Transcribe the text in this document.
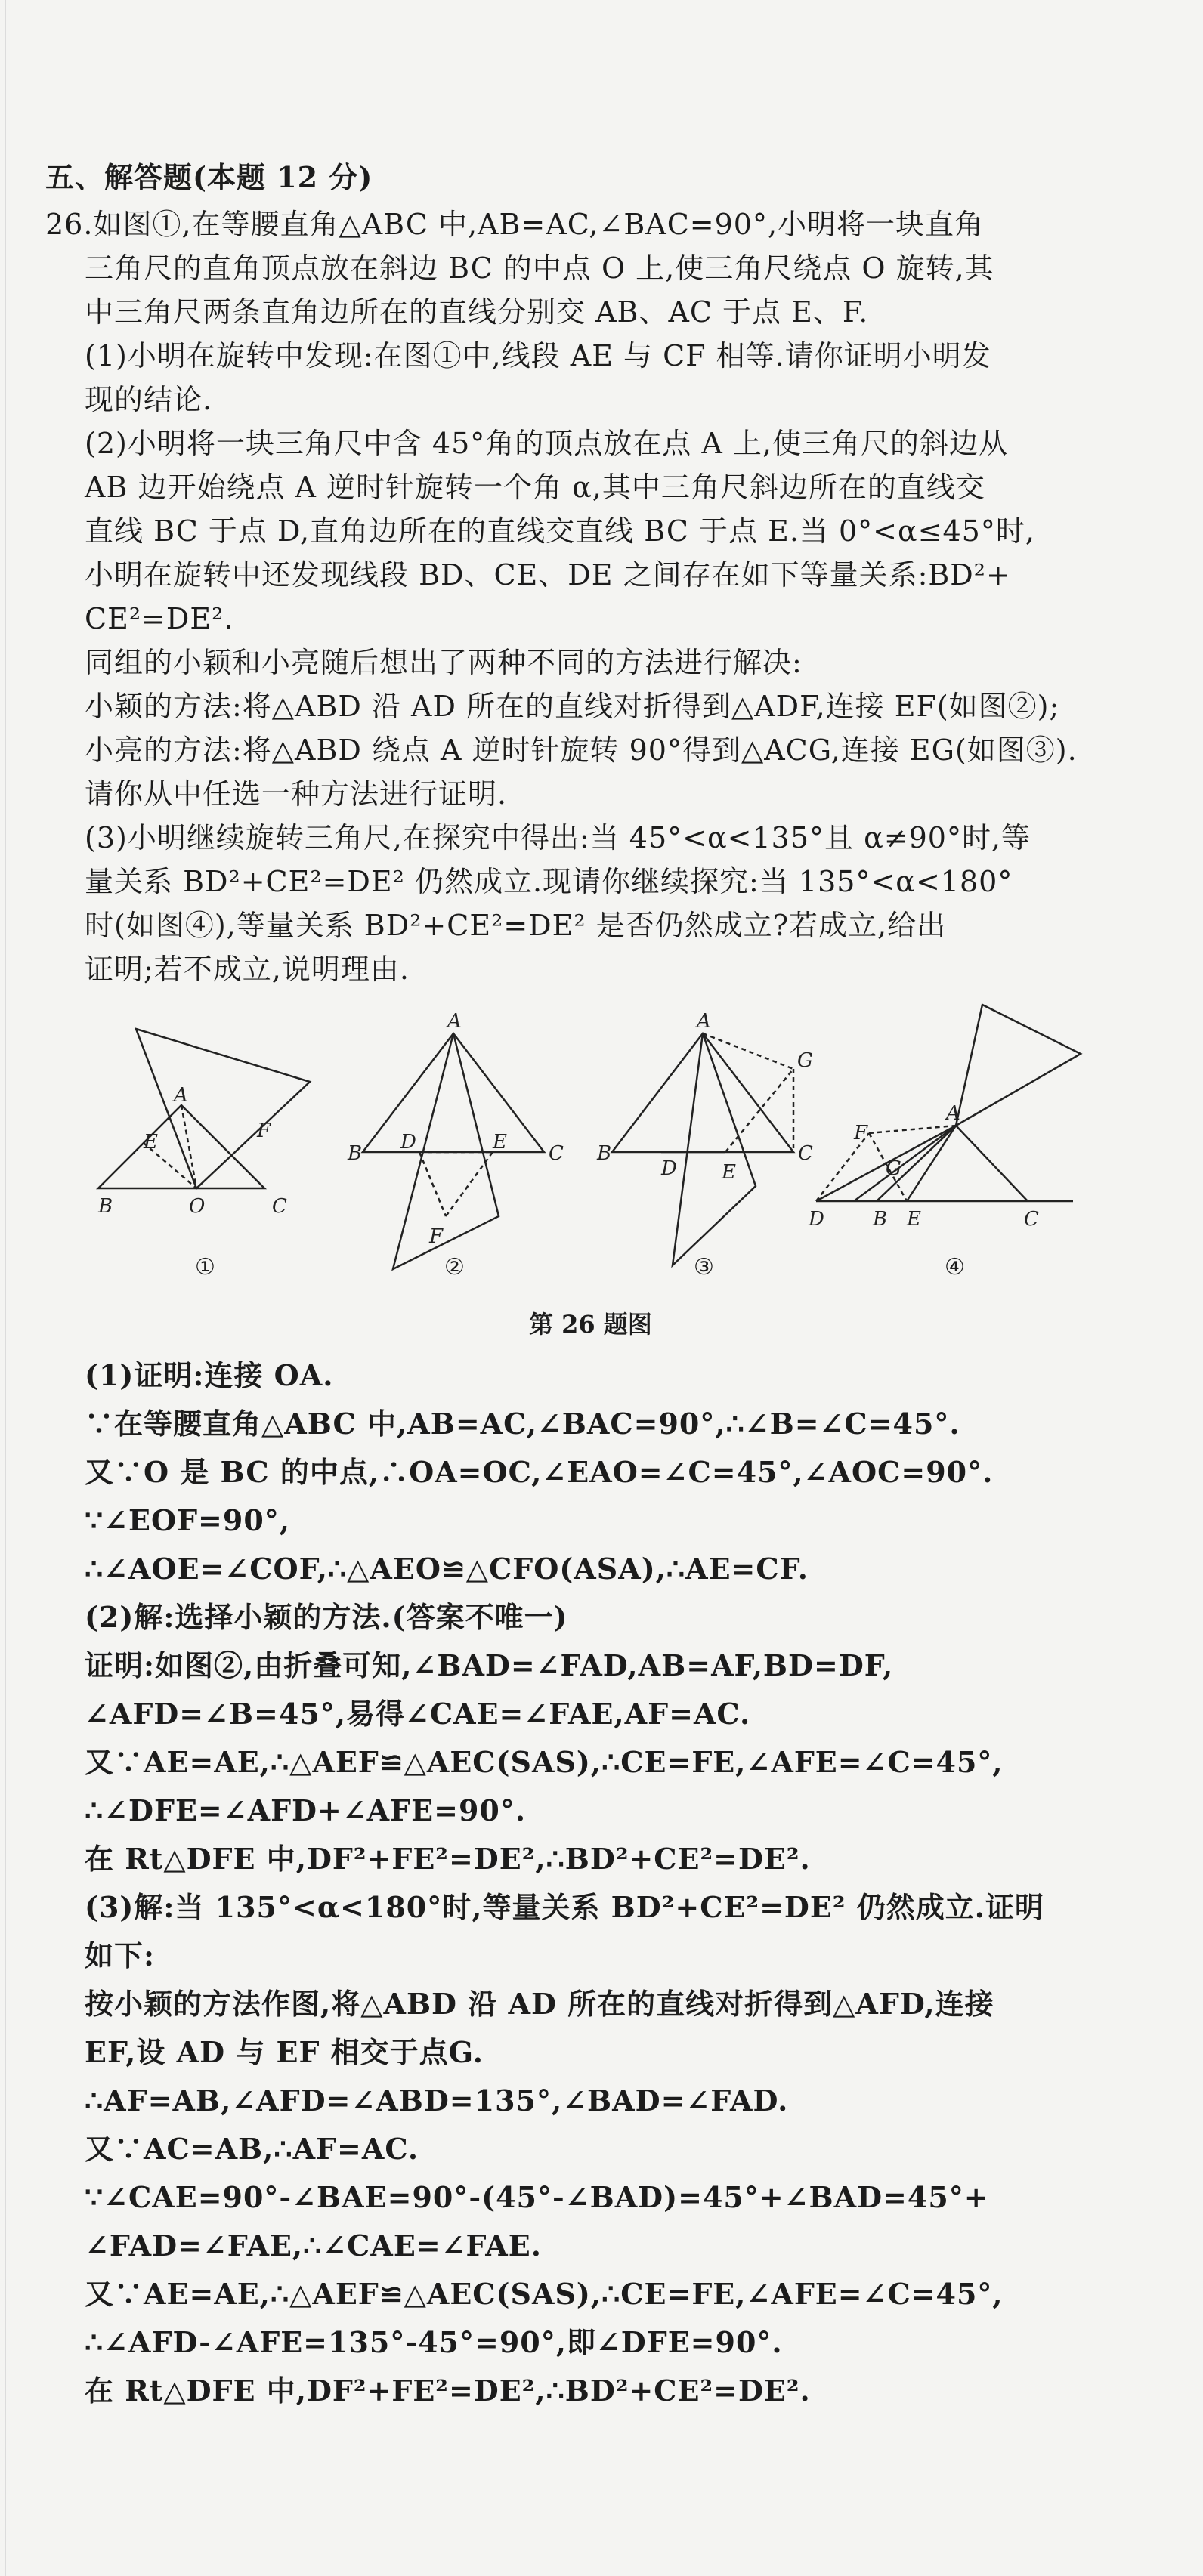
五、解答题(本题 12 分)
26.如图①,在等腰直角△ABC 中,AB=AC,∠BAC=90°,小明将一块直角
三角尺的直角顶点放在斜边 BC 的中点 O 上,使三角尺绕点 O 旋转,其
中三角尺两条直角边所在的直线分别交 AB、AC 于点 E、F.
(1)小明在旋转中发现:在图①中,线段 AE 与 CF 相等.请你证明小明发
现的结论.
(2)小明将一块三角尺中含 45°角的顶点放在点 A 上,使三角尺的斜边从
AB 边开始绕点 A 逆时针旋转一个角 α,其中三角尺斜边所在的直线交
直线 BC 于点 D,直角边所在的直线交直线 BC 于点 E.当 0°<α≤45°时,
小明在旋转中还发现线段 BD、CE、DE 之间存在如下等量关系:BD²+
CE²=DE².
同组的小颖和小亮随后想出了两种不同的方法进行解决:
小颖的方法:将△ABD 沿 AD 所在的直线对折得到△ADF,连接 EF(如图②);
小亮的方法:将△ABD 绕点 A 逆时针旋转 90°得到△ACG,连接 EG(如图③).
请你从中任选一种方法进行证明.
(3)小明继续旋转三角尺,在探究中得出:当 45°<α<135°且 α≠90°时,等
量关系 BD²+CE²=DE² 仍然成立.现请你继续探究:当 135°<α<180°
时(如图④),等量关系 BD²+CE²=DE² 是否仍然成立?若成立,给出
证明;若不成立,说明理由.
A
E	F
B	O	C
A
B	C
D	E
F
A
B	C
D E
G
A
F
G
D B E	C
①	②	③	④
第 26 题图
(1)证明:连接 OA.
∵在等腰直角△ABC 中,AB=AC,∠BAC=90°,∴∠B=∠C=45°.
又∵O 是 BC 的中点,∴OA=OC,∠EAO=∠C=45°,∠AOC=90°.
∵∠EOF=90°,
∴∠AOE=∠COF,∴△AEO≌△CFO(ASA),∴AE=CF.
(2)解:选择小颖的方法.(答案不唯一)
证明:如图②,由折叠可知,∠BAD=∠FAD,AB=AF,BD=DF,
∠AFD=∠B=45°,易得∠CAE=∠FAE,AF=AC.
又∵AE=AE,∴△AEF≌△AEC(SAS),∴CE=FE,∠AFE=∠C=45°,
∴∠DFE=∠AFD+∠AFE=90°.
在 Rt△DFE 中,DF²+FE²=DE²,∴BD²+CE²=DE².
(3)解:当 135°<α<180°时,等量关系 BD²+CE²=DE² 仍然成立.证明
如下:
按小颖的方法作图,将△ABD 沿 AD 所在的直线对折得到△AFD,连接
EF,设 AD 与 EF 相交于点G.
∴AF=AB,∠AFD=∠ABD=135°,∠BAD=∠FAD.
又∵AC=AB,∴AF=AC.
∵∠CAE=90°-∠BAE=90°-(45°-∠BAD)=45°+∠BAD=45°+
∠FAD=∠FAE,∴∠CAE=∠FAE.
又∵AE=AE,∴△AEF≌△AEC(SAS),∴CE=FE,∠AFE=∠C=45°,
∴∠AFD-∠AFE=135°-45°=90°,即∠DFE=90°.
在 Rt△DFE 中,DF²+FE²=DE²,∴BD²+CE²=DE².
